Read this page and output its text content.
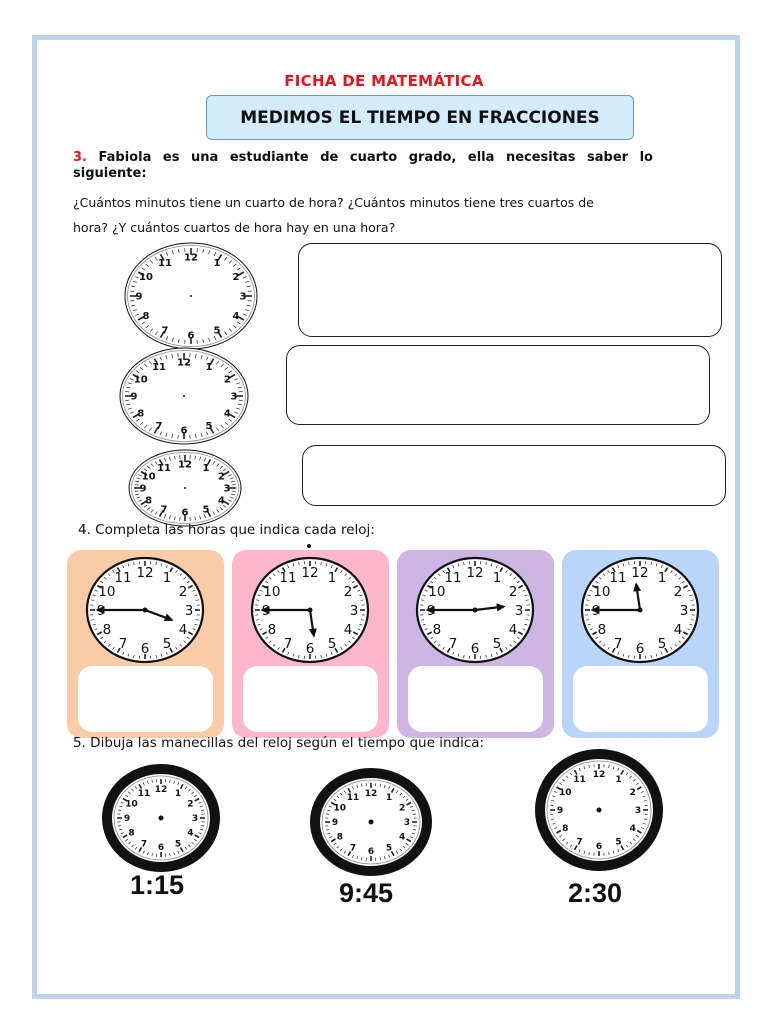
FICHA DE MATEMÁTICA
MEDIMOS EL TIEMPO EN FRACCIONES
3. Fabiola es una estudiante de cuarto grado, ella necesitas saber lo siguiente:
¿Cuántos minutos tiene un cuarto de hora? ¿Cuántos minutos tiene tres cuartos de
hora? ¿Y cuántos cuartos de hora hay en una hora?
12 1
2
3
4
5
6
7
8
9
10
11
12 1
2
3
4
5
6
7
8
9
10
11
12 1
2
3
4
5
6
7
8
9
10
11
4. Completa las horas que indica cada reloj:
12 1
2
3
4
5
6
7
8
10
11	12 1
2
3
4
5
6
7
8
10
11	12 1
2
3
4
5
6
7
8
10
11	12 1
2
3
4
5
6
7
8
10
11
5. Dibuja las manecillas del reloj según el tiempo que indica:
12 1
2
3
4
5
6
7
8
9
10
11	12 1
2
3
4
5
6
7
8
9
10
11
12 1
2
3
4
5
6
7
8
9
10
11
1:15	9:45	2:30
